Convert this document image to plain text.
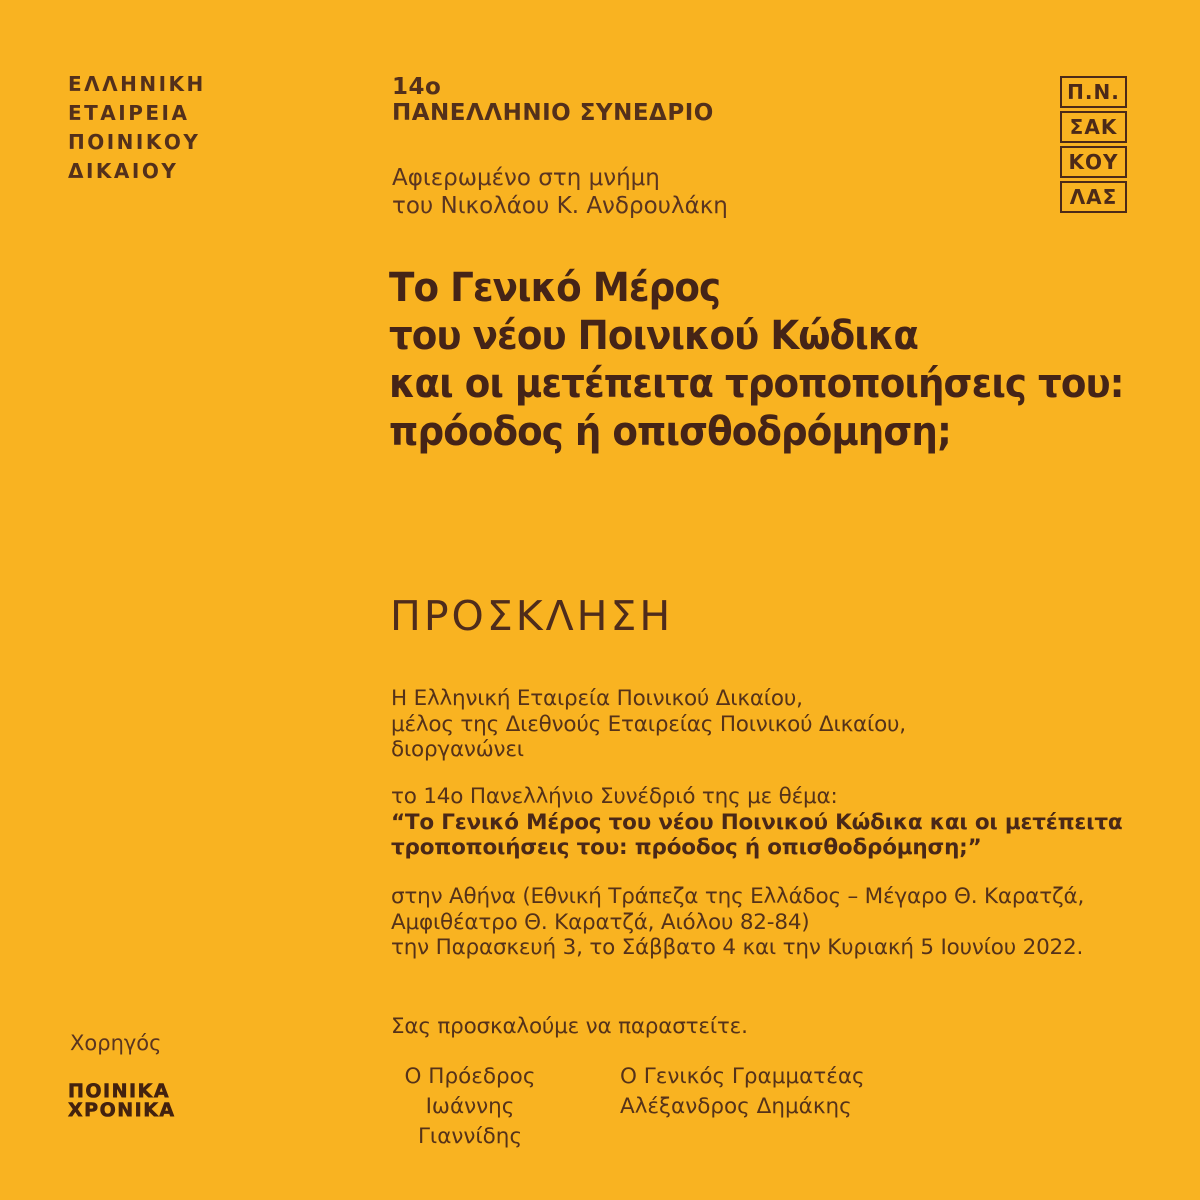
ΕΛΛΗΝΙΚΗ
ΕΤΑΙΡΕΙΑ
ΠΟΙΝΙΚΟΥ
ΔΙΚΑΙΟΥ
14ο
ΠΑΝΕΛΛΗΝΙΟ ΣΥΝΕΔΡΙΟ
Αφιερωμένο στη μνήμη
του Νικολάου Κ. Ανδρουλάκη
Π.Ν.
ΣΑΚ
ΚΟΥ
ΛΑΣ
Το Γενικό Μέρος
του νέου Ποινικού Κώδικα
και οι μετέπειτα τροποποιήσεις του:
πρόοδος ή οπισθοδρόμηση;
ΠΡΟΣΚΛΗΣΗ
Η Ελληνική Εταιρεία Ποινικού Δικαίου,
μέλος της Διεθνούς Εταιρείας Ποινικού Δικαίου,
διοργανώνει
το 14ο Πανελλήνιο Συνέδριό της με θέμα:
“Το Γενικό Μέρος του νέου Ποινικού Κώδικα και οι μετέπειτα
τροποποιήσεις του: πρόοδος ή οπισθοδρόμηση;”
στην Αθήνα (Εθνική Τράπεζα της Ελλάδος – Μέγαρο Θ. Καρατζά,
Αμφιθέατρο Θ. Καρατζά, Αιόλου 82-84)
την Παρασκευή 3, το Σάββατο 4 και την Κυριακή 5 Ιουνίου 2022.
Σας προσκαλούμε να παραστείτε.
Ο Πρόεδρος
Ιωάννης Γιαννίδης
Ο Γενικός Γραμματέας
Αλέξανδρος Δημάκης
Χορηγός
ΠΟΙΝΙΚΑ
ΧΡΟΝΙΚΑ
